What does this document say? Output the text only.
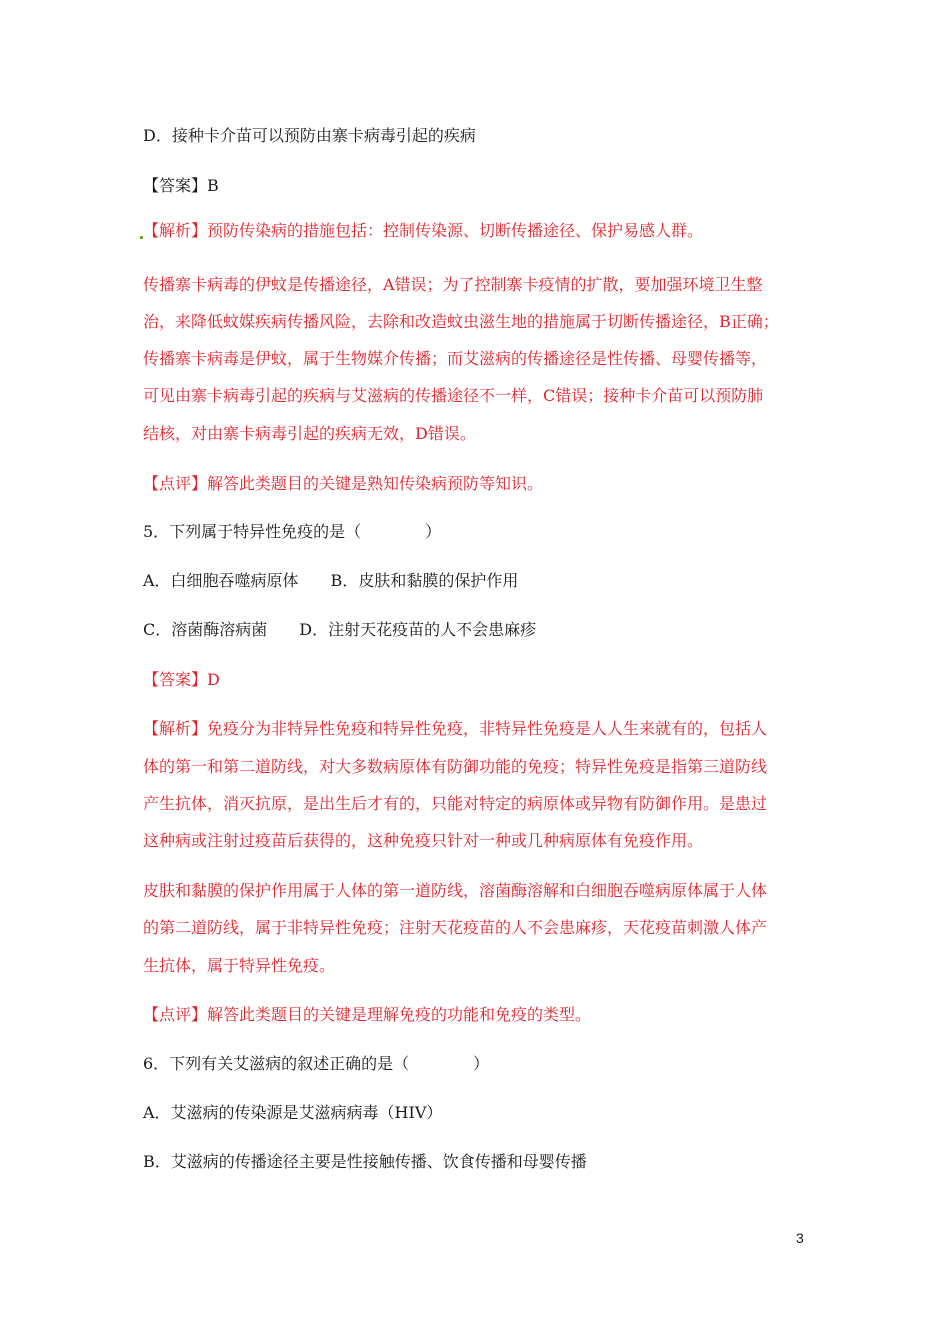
D．接种卡介苗可以预防由寨卡病毒引起的疾病

【答案】B

【解析】预防传染病的措施包括：控制传染源、切断传播途径、保护易感人群。

传播寨卡病毒的伊蚊是传播途径，A错误；为了控制寨卡疫情的扩散，要加强环境卫生整

治，来降低蚊媒疾病传播风险，去除和改造蚊虫滋生地的措施属于切断传播途径，B正确；

传播寨卡病毒是伊蚊，属于生物媒介传播；而艾滋病的传播途径是性传播、母婴传播等，

可见由寨卡病毒引起的疾病与艾滋病的传播途径不一样，C错误；接种卡介苗可以预防肺

结核，对由寨卡病毒引起的疾病无效，D错误。

【点评】解答此类题目的关键是熟知传染病预防等知识。

5．下列属于特异性免疫的是（　　　　）

A．白细胞吞噬病原体　　B．皮肤和黏膜的保护作用

C．溶菌酶溶病菌　　D．注射天花疫苗的人不会患麻疹

【答案】D

【解析】免疫分为非特异性免疫和特异性免疫，非特异性免疫是人人生来就有的，包括人

体的第一和第二道防线，对大多数病原体有防御功能的免疫；特异性免疫是指第三道防线

产生抗体，消灭抗原，是出生后才有的，只能对特定的病原体或异物有防御作用。是患过

这种病或注射过疫苗后获得的，这种免疫只针对一种或几种病原体有免疫作用。

皮肤和黏膜的保护作用属于人体的第一道防线，溶菌酶溶解和白细胞吞噬病原体属于人体

的第二道防线，属于非特异性免疫；注射天花疫苗的人不会患麻疹，天花疫苗刺激人体产

生抗体，属于特异性免疫。

【点评】解答此类题目的关键是理解免疫的功能和免疫的类型。

6．下列有关艾滋病的叙述正确的是（　　　　）

A．艾滋病的传染源是艾滋病病毒（HIV）

B．艾滋病的传播途径主要是性接触传播、饮食传播和母婴传播

3
